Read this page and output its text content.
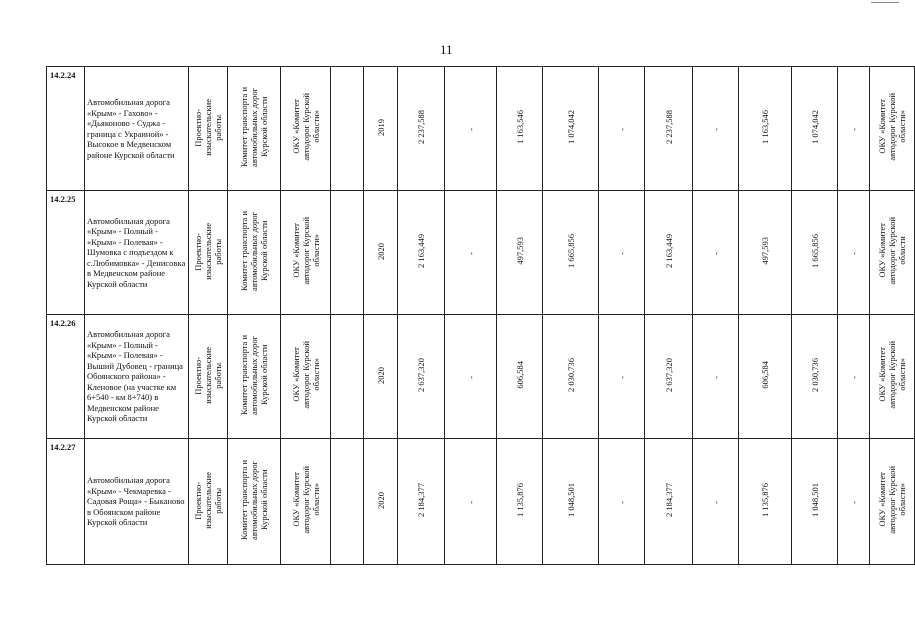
11
14.2.24	Автомобильная дорога «Крым» - Гахово» - «Дьяконово - Суджа - граница с Украиной» - Высокое в Медвенском районе Курской области	Проектно-
изыскательские
работы	Комитет транспорта и
автомобильных дорог
Курской области	ОКУ «Комитет
автодорог Курской
области»		2019	2 237,588	-	1 163,546	1 074,042	-	2 237,588	-	1 163,546	1 074,042	-	ОКУ «Комитет
автодорог Курской
области»
14.2.25	Автомобильная дорога «Крым» - Полный - «Крым» - Полевая» - Шумовка с подъездом к с.Любимовка» - Денисовка в Медвенском районе Курской области	Проектно-
изыскательские
работы	Комитет транспорта и
автомобильных дорог
Курской области	ОКУ «Комитет
автодорог Курской
области»		2020	2 163,449	-	497,593	1 665,856	-	2 163,449	-	497,593	1 665,856	-	ОКУ «Комитет
автодорог Курской
области
14.2.26	Автомобильная дорога «Крым» - Полный - «Крым» - Полевая» - Выший Дубовец - граница Обоянского района» - Кленовое (на участке км 6+540 - км 8+740) в Медвенском районе Курской области	Проектно-
изыскательские
работы	Комитет транспорта и
автомобильных дорог
Курской области	ОКУ «Комитет
автодорог Курской
области»		2020	2 637,320	-	606,584	2 030,736	-	2 637,320	-	606,584	2 030,736	-	ОКУ «Комитет
автодорог Курской
области»
14.2.27	Автомобильная дорога «Крым» - Чекмаревка - Садовая Роща» - Быканово в Обоянском районе Курской области	Проектно-
изыскательские
работы	Комитет транспорта и
автомобильных дорог
Курской области	ОКУ «Комитет
автодорог Курской
области»		2020	2 184,377	-	1 135,876	1 048,501	-	2 184,377	-	1 135,876	1 048,501	-	ОКУ «Комитет
автодорог Курской
области»
